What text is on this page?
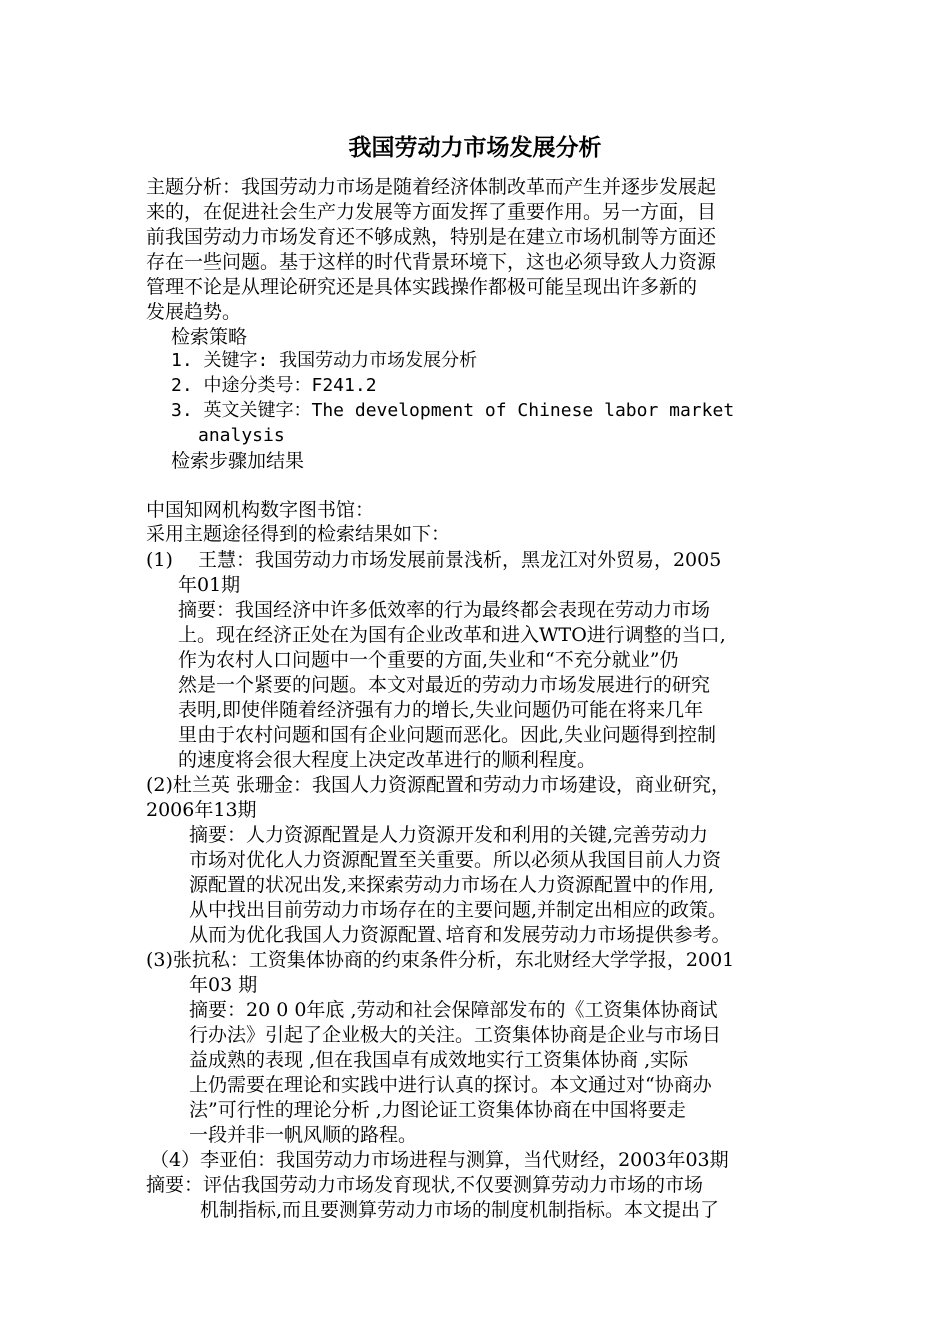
我国劳动力市场发展分析
主题分析：我国劳动力市场是随着经济体制改革而产生并逐步发展起
来的，在促进社会生产力发展等方面发挥了重要作用。另一方面，目
前我国劳动力市场发育还不够成熟，特别是在建立市场机制等方面还
存在一些问题。基于这样的时代背景环境下，这也必须导致人力资源
管理不论是从理论研究还是具体实践操作都极可能呈现出许多新的
发展趋势。
检索策略
1. 关键字: 我国劳动力市场发展分析
2. 中途分类号：F241.2
3. 英文关键字：The development of Chinese labor market
analysis
检索步骤加结果
中国知网机构数字图书馆：
采用主题途径得到的检索结果如下：
(1)　 王慧：我国劳动力市场发展前景浅析，黑龙江对外贸易，2005
年01期
摘要：我国经济中许多低效率的行为最终都会表现在劳动力市场
上。现在经济正处在为国有企业改革和进入WTO进行调整的当口,
作为农村人口问题中一个重要的方面,失业和“不充分就业”仍
然是一个紧要的问题。本文对最近的劳动力市场发展进行的研究
表明,即使伴随着经济强有力的增长,失业问题仍可能在将来几年
里由于农村问题和国有企业问题而恶化。因此,失业问题得到控制
的速度将会很大程度上决定改革进行的顺利程度。
(2)杜兰英 张珊金：我国人力资源配置和劳动力市场建设，商业研究，
2006年13期
摘要：人力资源配置是人力资源开发和利用的关键,完善劳动力
市场对优化人力资源配置至关重要。所以必须从我国目前人力资
源配置的状况出发,来探索劳动力市场在人力资源配置中的作用,
从中找出目前劳动力市场存在的主要问题,并制定出相应的政策。
从而为优化我国人力资源配置､培育和发展劳动力市场提供参考。
(3)张抗私：工资集体协商的约束条件分析，东北财经大学学报，2001
年03 期
摘要：20 0 0年底 ,劳动和社会保障部发布的《工资集体协商试
行办法》引起了企业极大的关注。工资集体协商是企业与市场日
益成熟的表现 ,但在我国卓有成效地实行工资集体协商 ,实际
上仍需要在理论和实践中进行认真的探讨。本文通过对“协商办
法”可行性的理论分析 ,力图论证工资集体协商在中国将要走
一段并非一帆风顺的路程。
（4）李亚伯：我国劳动力市场进程与测算，当代财经，2003年03期
摘要：评估我国劳动力市场发育现状,不仅要测算劳动力市场的市场
机制指标,而且要测算劳动力市场的制度机制指标。本文提出了
